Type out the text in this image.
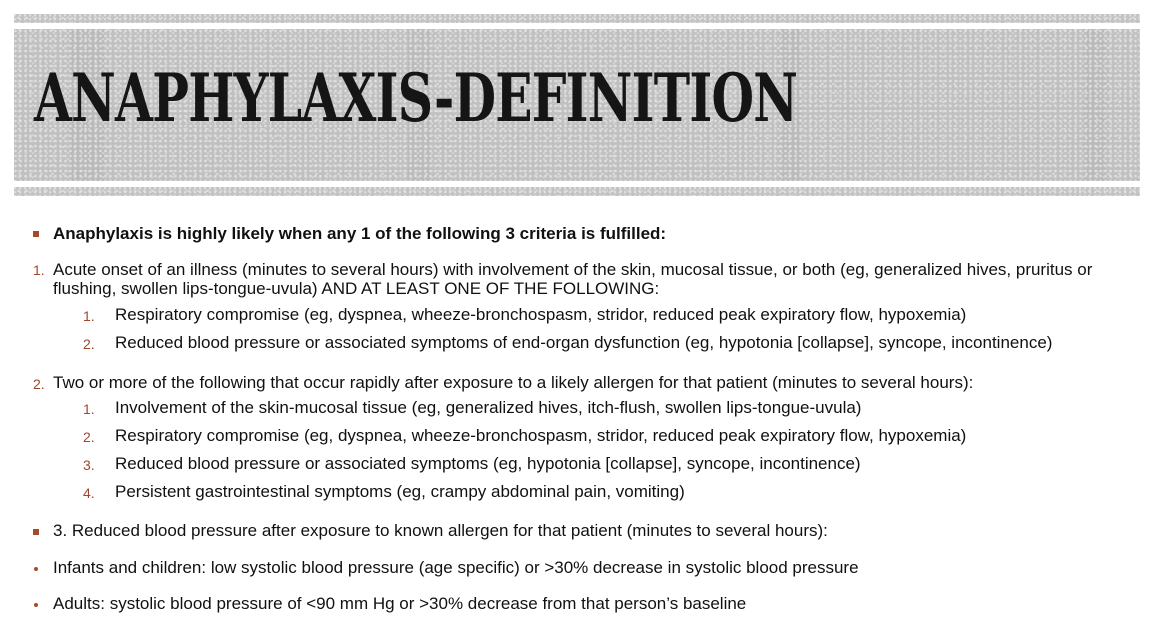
ANAPHYLAXIS-DEFINITION
Anaphylaxis is highly likely when any 1 of the following 3 criteria is fulfilled:
1. Acute onset of an illness (minutes to several hours) with involvement of the skin, mucosal tissue, or both (eg, generalized hives, pruritus or
flushing, swollen lips-tongue-uvula) AND AT LEAST ONE OF THE FOLLOWING:
1. Respiratory compromise (eg, dyspnea, wheeze-bronchospasm, stridor, reduced peak expiratory flow, hypoxemia)
2. Reduced blood pressure or associated symptoms of end-organ dysfunction (eg, hypotonia [collapse], syncope, incontinence)
2. Two or more of the following that occur rapidly after exposure to a likely allergen for that patient (minutes to several hours):
1. Involvement of the skin-mucosal tissue (eg, generalized hives, itch-flush, swollen lips-tongue-uvula)
2. Respiratory compromise (eg, dyspnea, wheeze-bronchospasm, stridor, reduced peak expiratory flow, hypoxemia)
3. Reduced blood pressure or associated symptoms (eg, hypotonia [collapse], syncope, incontinence)
4. Persistent gastrointestinal symptoms (eg, crampy abdominal pain, vomiting)
3. Reduced blood pressure after exposure to known allergen for that patient (minutes to several hours):
Infants and children: low systolic blood pressure (age specific) or >30% decrease in systolic blood pressure
Adults: systolic blood pressure of <90 mm Hg or >30% decrease from that person’s baseline
